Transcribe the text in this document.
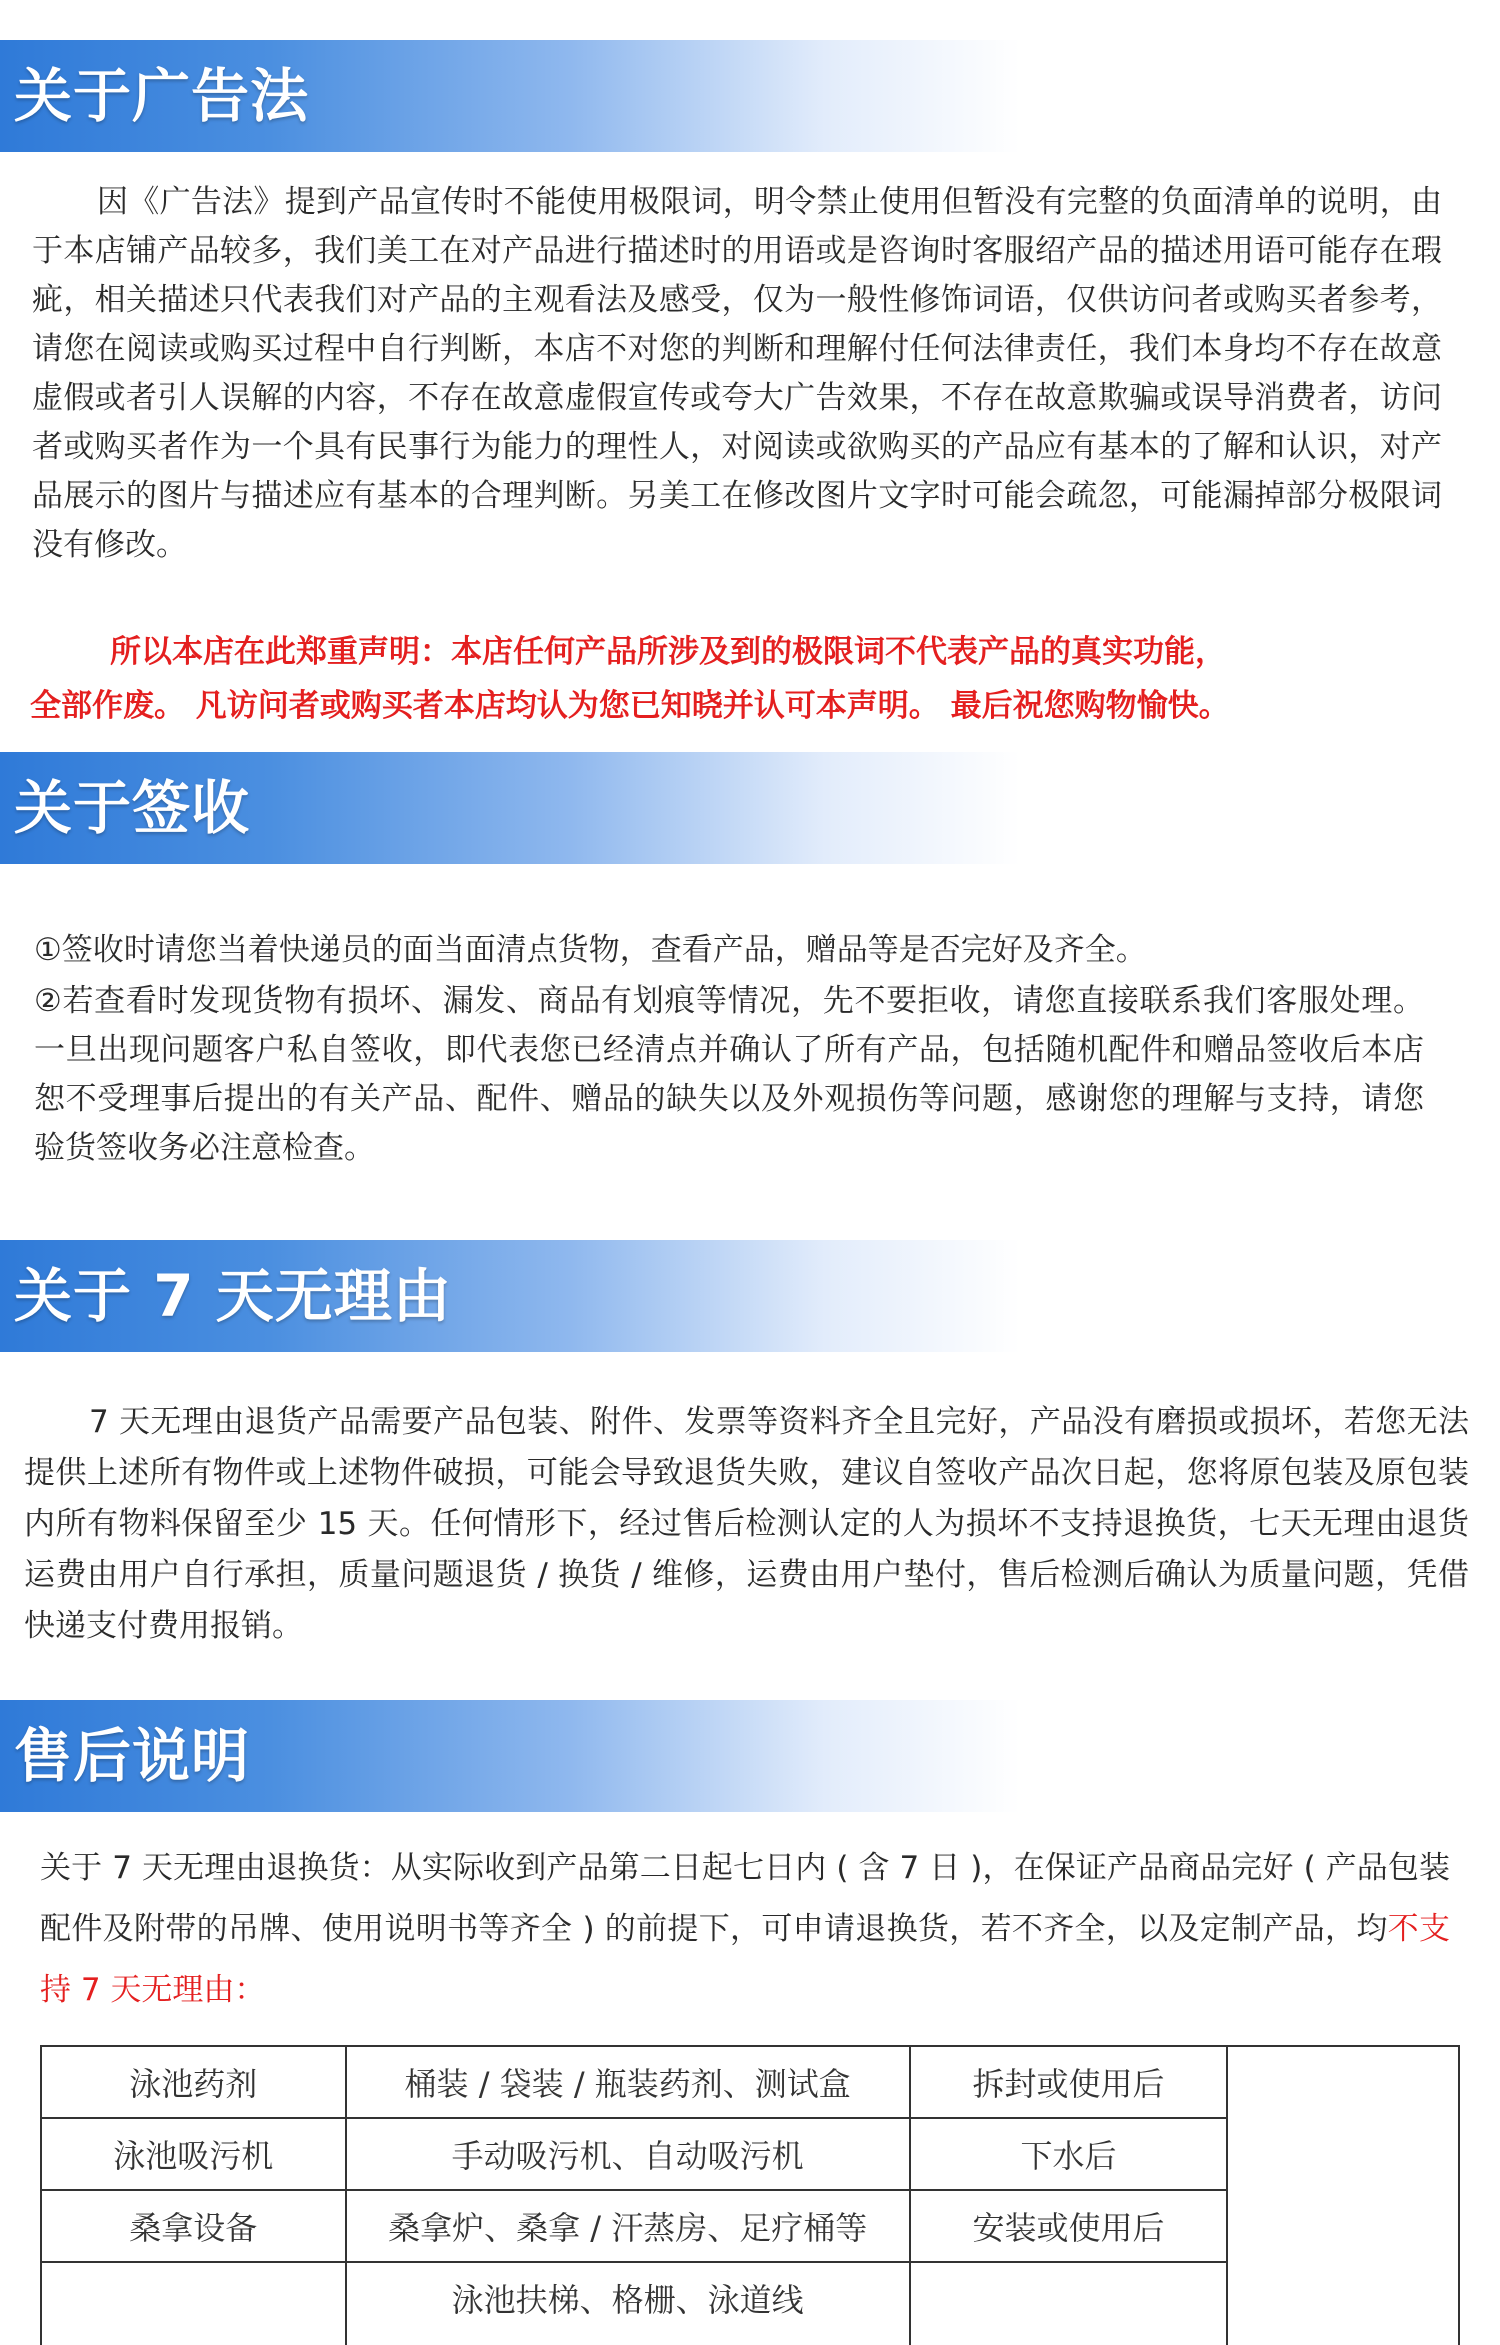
关于广告法

因《广告法》提到产品宣传时不能使用极限词，明令禁止使用但暂没有完整的负面清单的说明，由于本店铺产品较多，我们美工在对产品进行描述时的用语或是咨询时客服绍产品的描述用语可能存在瑕疵，相关描述只代表我们对产品的主观看法及感受，仅为一般性修饰词语，仅供访问者或购买者参考，请您在阅读或购买过程中自行判断，本店不对您的判断和理解付任何法律责任，我们本身均不存在故意虚假或者引人误解的内容，不存在故意虚假宣传或夸大广告效果，不存在故意欺骗或误导消费者，访问者或购买者作为一个具有民事行为能力的理性人，对阅读或欲购买的产品应有基本的了解和认识，对产品展示的图片与描述应有基本的合理判断。另美工在修改图片文字时可能会疏忽，可能漏掉部分极限词没有修改。

所以本店在此郑重声明：本店任何产品所涉及到的极限词不代表产品的真实功能，
全部作废。 凡访问者或购买者本店均认为您已知晓并认可本声明。 最后祝您购物愉快。
关于签收

①签收时请您当着快递员的面当面清点货物，查看产品，赠品等是否完好及齐全。

②若查看时发现货物有损坏、漏发、商品有划痕等情况，先不要拒收，请您直接联系我们客服处理。一旦出现问题客户私自签收，即代表您已经清点并确认了所有产品，包括随机配件和赠品签收后本店恕不受理事后提出的有关产品、配件、赠品的缺失以及外观损伤等问题，感谢您的理解与支持，请您验货签收务必注意检查。

关于 7 天无理由

7 天无理由退货产品需要产品包装、附件、发票等资料齐全且完好，产品没有磨损或损坏，若您无法提供上述所有物件或上述物件破损，可能会导致退货失败，建议自签收产品次日起，您将原包装及原包装内所有物料保留至少 15 天。任何情形下，经过售后检测认定的人为损坏不支持退换货，七天无理由退货运费由用户自行承担，质量问题退货 / 换货 / 维修，运费由用户垫付，售后检测后确认为质量问题，凭借快递支付费用报销。

售后说明

关于 7 天无理由退换货：从实际收到产品第二日起七日内 ( 含 7 日 )，在保证产品商品完好 ( 产品包装配件及附带的吊牌、使用说明书等齐全 ) 的前提下，可申请退换货，若不齐全，以及定制产品，均不支持 7 天无理由：

泳池药剂	桶装 / 袋装 / 瓶装药剂、测试盒	拆封或使用后	
泳池吸污机	手动吸污机、自动吸污机	下水后	
桑拿设备	桑拿炉、桑拿 / 汗蒸房、足疗桶等	安装或使用后	
	泳池扶梯、格栅、泳道线		
